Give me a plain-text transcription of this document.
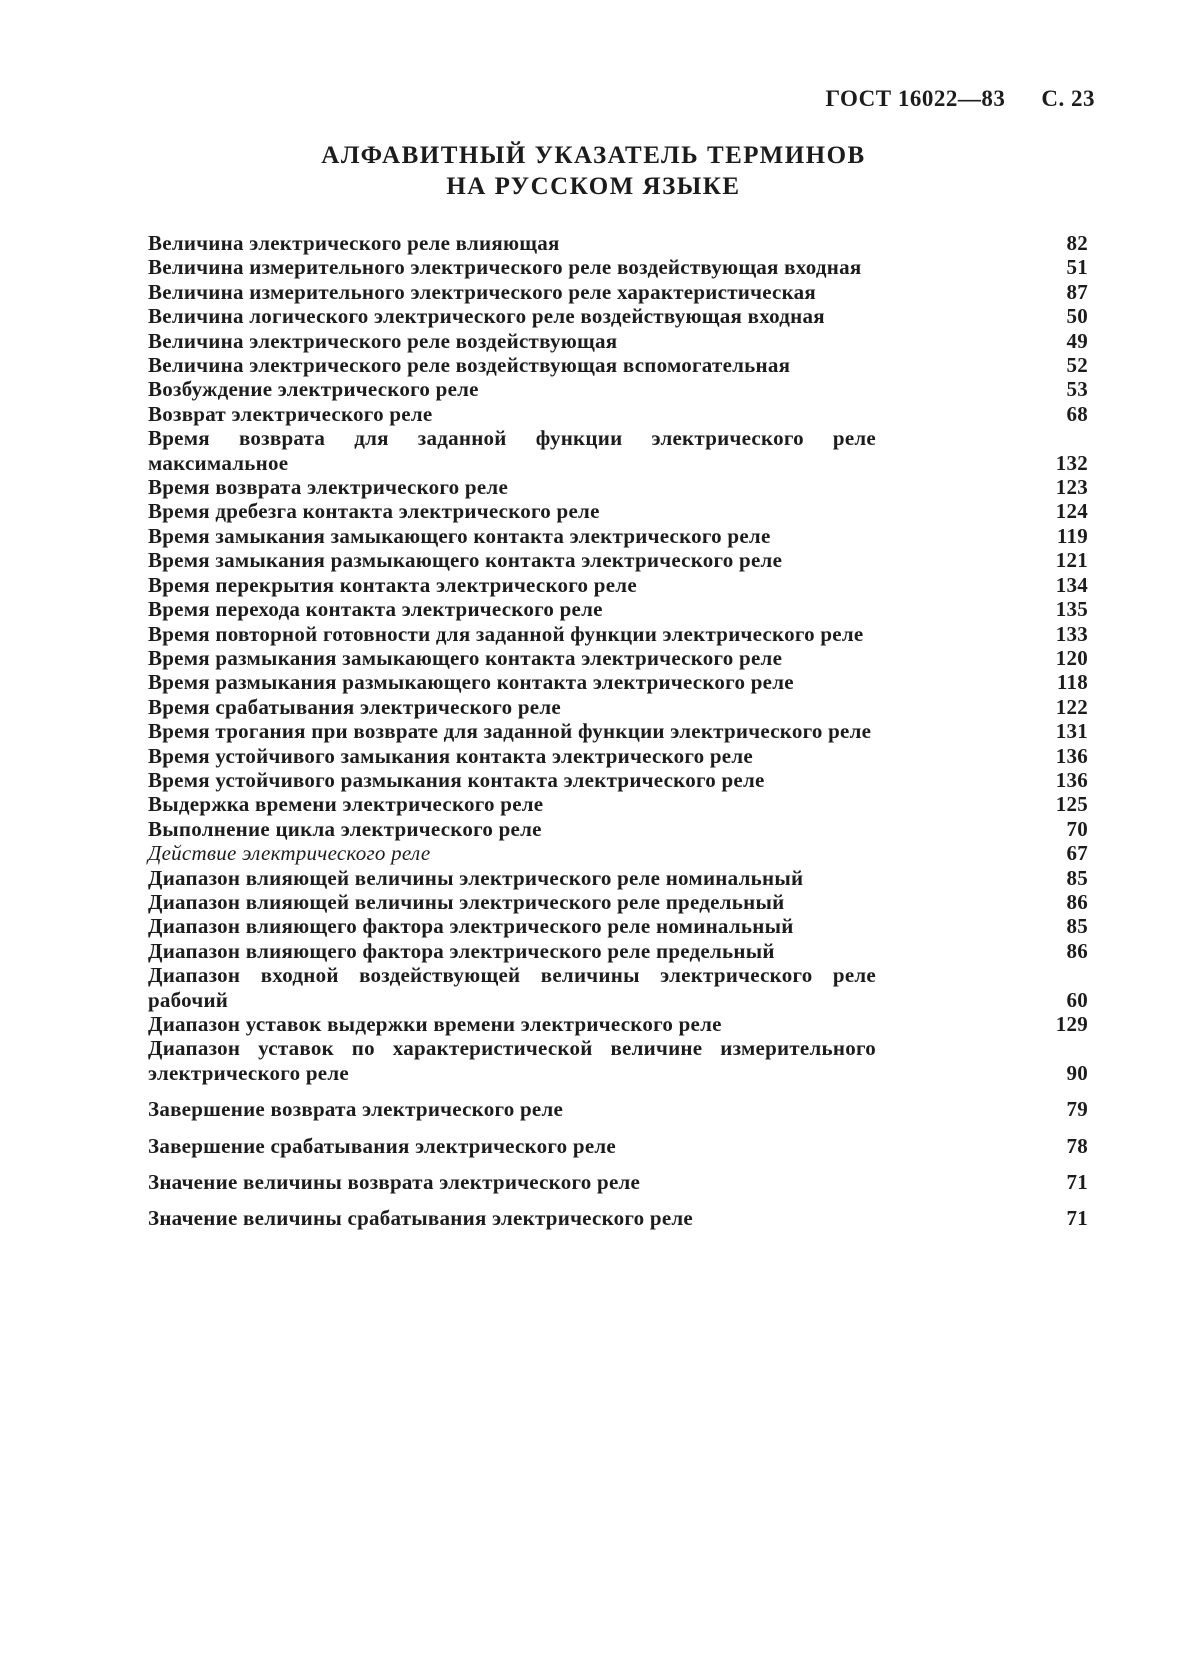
ГОСТ 16022—83 С. 23
АЛФАВИТНЫЙ УКАЗАТЕЛЬ ТЕРМИНОВ
НА РУССКОМ ЯЗЫКЕ
Величина электрического реле влияющая	82
Величина измерительного электрического реле воздействующая входная	51
Величина измерительного электрического реле характеристическая	87
Величина логического электрического реле воздействующая входная	50
Величина электрического реле воздействующая	49
Величина электрического реле воздействующая вспомогательная	52
Возбуждение электрического реле	53
Возврат электрического реле	68
Время возврата для заданной функции электрического реле максимальное	132
Время возврата электрического реле	123
Время дребезга контакта электрического реле	124
Время замыкания замыкающего контакта электрического реле	119
Время замыкания размыкающего контакта электрического реле	121
Время перекрытия контакта электрического реле	134
Время перехода контакта электрического реле	135
Время повторной готовности для заданной функции электрического реле	133
Время размыкания замыкающего контакта электрического реле	120
Время размыкания размыкающего контакта электрического реле	118
Время срабатывания электрического реле	122
Время трогания при возврате для заданной функции электрического реле	131
Время устойчивого замыкания контакта электрического реле	136
Время устойчивого размыкания контакта электрического реле	136
Выдержка времени электрического реле	125
Выполнение цикла электрического реле	70
Действие электрического реле	67
Диапазон влияющей величины электрического реле номинальный	85
Диапазон влияющей величины электрического реле предельный	86
Диапазон влияющего фактора электрического реле номинальный	85
Диапазон влияющего фактора электрического реле предельный	86
Диапазон входной воздействующей величины электрического реле рабочий	60
Диапазон уставок выдержки времени электрического реле	129
Диапазон уставок по характеристической величине измерительного электрического реле	90
Завершение возврата электрического реле	79
Завершение срабатывания электрического реле	78
Значение величины возврата электрического реле	71
Значение величины срабатывания электрического реле	71
